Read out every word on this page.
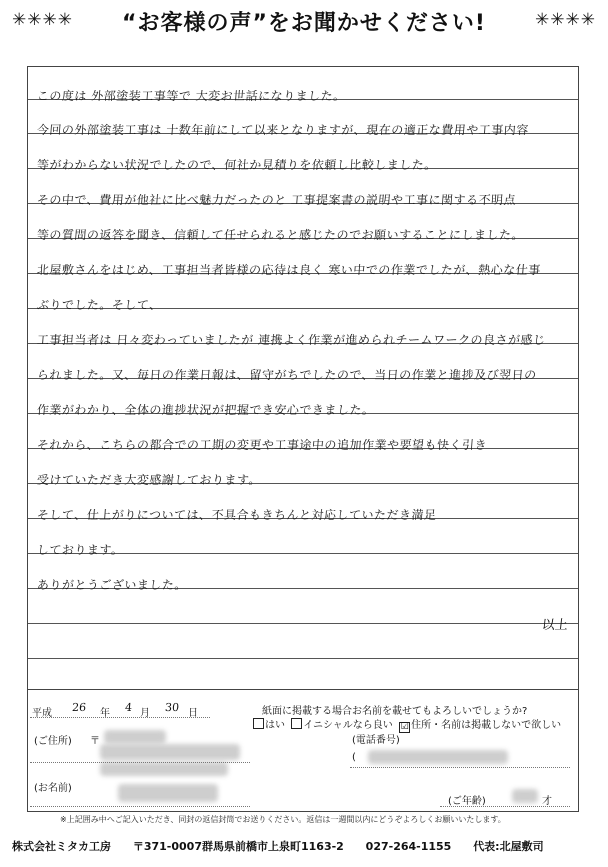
✳✳✳✳	“お客様の声”をお聞かせください!	✳✳✳✳
この度は 外部塗装工事等で 大変お世話になりました。
今回の外部塗装工事は 十数年前にして以来となりますが、現在の適正な費用や工事内容
等がわからない状況でしたので、何社か見積りを依頼し比較しました。
その中で、費用が他社に比べ魅力だったのと 工事提案書の説明や工事に関する不明点
等の質問の返答を聞き、信頼して任せられると感じたのでお願いすることにしました。
北屋敷さんをはじめ、工事担当者皆様の応待は良く 寒い中での作業でしたが、熱心な仕事
ぶりでした。そして、
工事担当者は 日々変わっていましたが 連携よく作業が進められチームワークの良さが感じ
られました。又、毎日の作業日報は、留守がちでしたので、当日の作業と進捗及び翌日の
作業がわかり、全体の進捗状況が把握でき安心できました。
それから、こちらの都合での工期の変更や工事途中の追加作業や要望も快く引き
受けていただき大変感謝しております。
そして、仕上がりについては、不具合もきちんと対応していただき満足
しております。
ありがとうございました。
以上
平成 26 年 4 月 30 日	紙面に掲載する場合お名前を載せてもよろしいでしょうか?
はい イニシャルなら良い ☑ 住所・名前は掲載しないで欲しい
(ご住所) 〒	(電話番号)
(
(お名前)
(ご年齢)	才
※上記囲み中へご記入いただき、同封の返信封筒でお送りください。返信は一週間以内にどうぞよろしくお願いいたします。
株式会社ミタカ工房 〒371-0007群馬県前橋市上泉町1163-2 027-264-1155 代表:北屋敷司
